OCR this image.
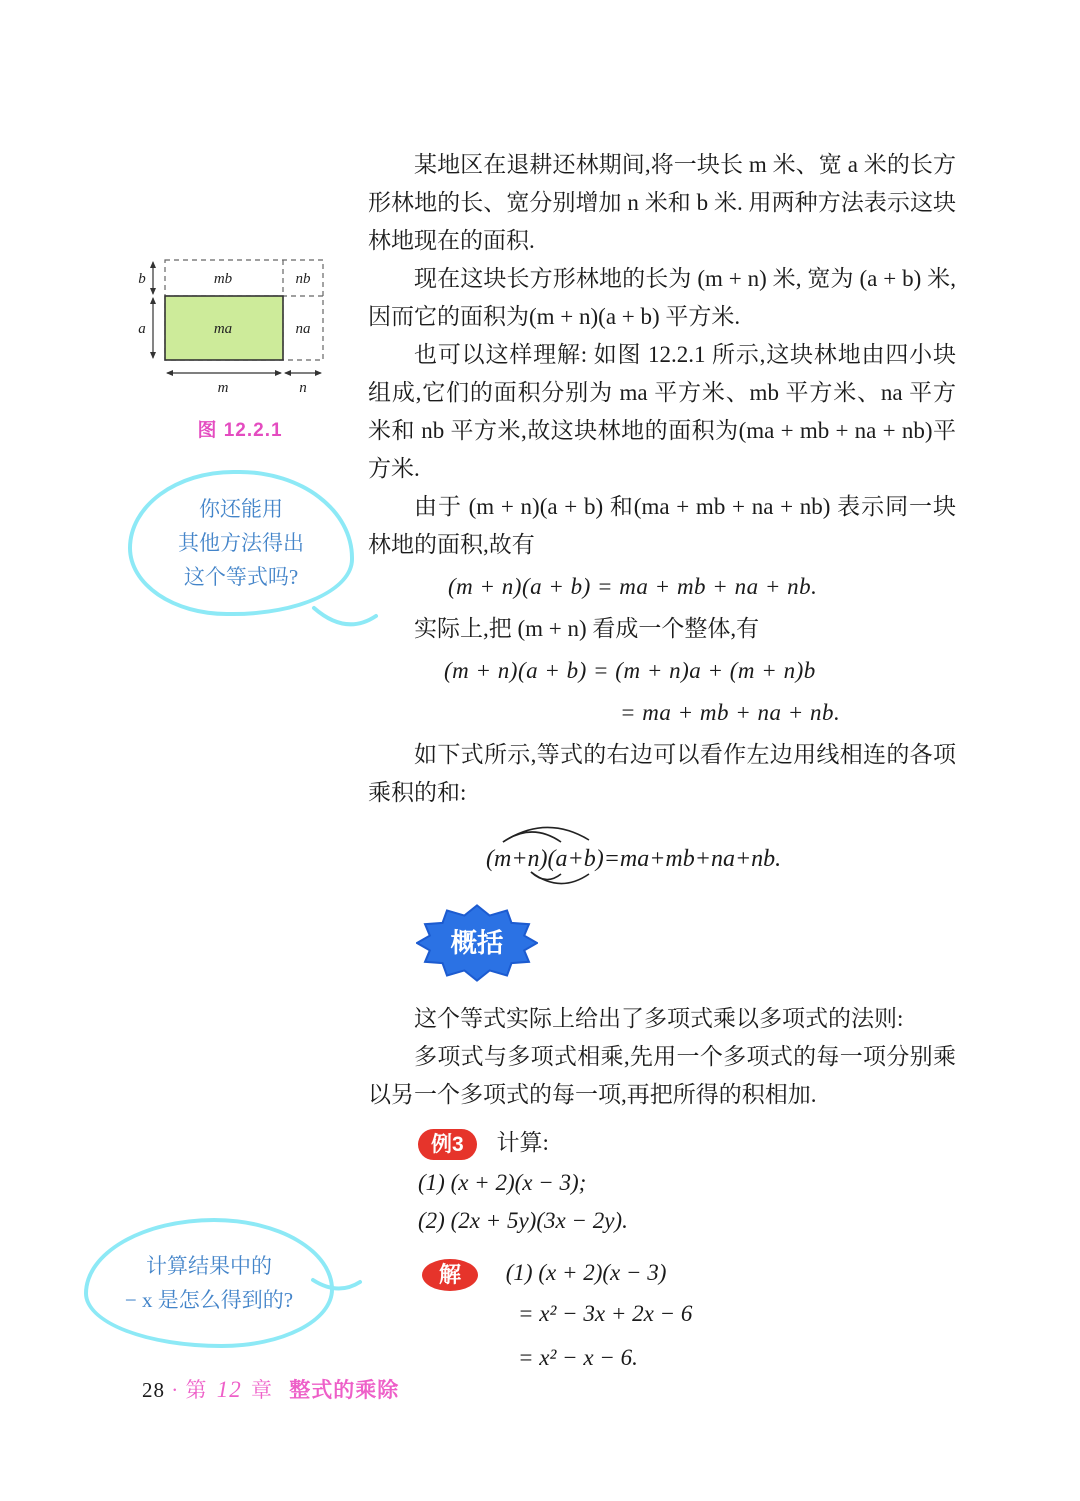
mb	nb
ma	na
b
a
m	n
图 12.2.1
你还能用
其他方法得出
这个等式吗?
计算结果中的
− x 是怎么得到的?

某地区在退耕还林期间,将一块长 m 米、宽 a 米的长方形林地的长、宽分别增加 n 米和 b 米. 用两种方法表示这块林地现在的面积.

现在这块长方形林地的长为 (m + n) 米, 宽为 (a + b) 米,因而它的面积为(m + n)(a + b) 平方米.

也可以这样理解: 如图 12.2.1 所示,这块林地由四小块组成,它们的面积分别为 ma 平方米、mb 平方米、na 平方米和 nb 平方米,故这块林地的面积为(ma + mb + na + nb)平方米.

由于 (m + n)(a + b) 和(ma + mb + na + nb) 表示同一块林地的面积,故有

(m + n)(a + b) = ma + mb + na + nb.

实际上,把 (m + n) 看成一个整体,有

(m + n)(a + b) = (m + n)a + (m + n)b

= ma + mb + na + nb.

如下式所示,等式的右边可以看作左边用线相连的各项乘积的和:

(m+n)(a+b)=ma+mb+na+nb.
概括

这个等式实际上给出了多项式乘以多项式的法则:

多项式与多项式相乘,先用一个多项式的每一项分别乘以另一个多项式的每一项,再把所得的积相加.

例3 计算:

(1) (x + 2)(x − 3);

(2) (2x + 5y)(3x − 2y).

解 (1) (x + 2)(x − 3)

= x² − 3x + 2x − 6

= x² − x − 6.

28 · 第 12 章 整式的乘除
